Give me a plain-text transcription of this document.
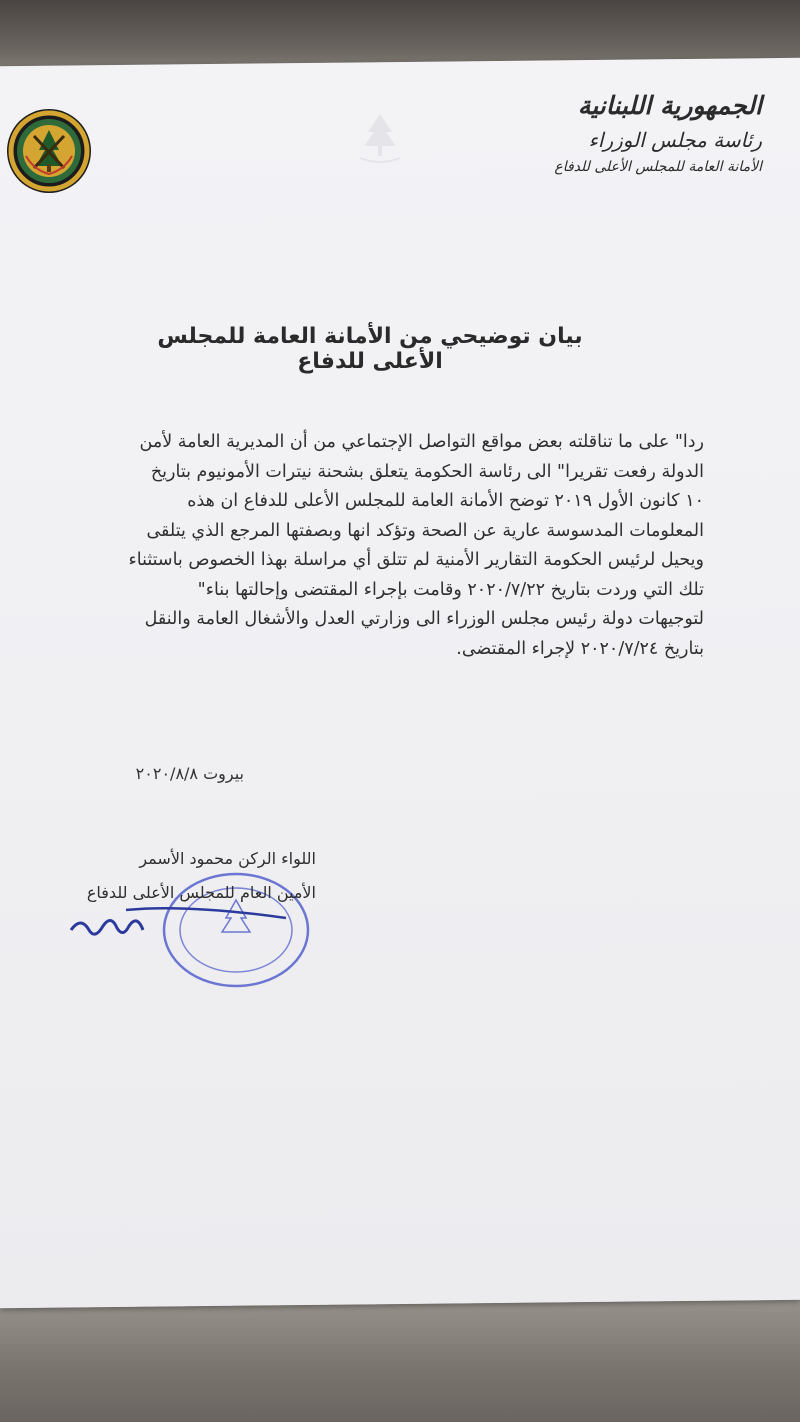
الجمهورية اللبنانية
رئاسة مجلس الوزراء
الأمانة العامة للمجلس الأعلى للدفاع
بيان توضيحي من الأمانة العامة للمجلس الأعلى للدفاع
ردا" على ما تناقلته بعض مواقع التواصل الإجتماعي من أن المديرية العامة لأمن
الدولة رفعت تقريرا" الى رئاسة الحكومة يتعلق بشحنة نيترات الأمونيوم بتاريخ
١٠ كانون الأول ٢٠١٩ توضح الأمانة العامة للمجلس الأعلى للدفاع ان هذه
المعلومات المدسوسة عارية عن الصحة وتؤكد انها وبصفتها المرجع الذي يتلقى
ويحيل لرئيس الحكومة التقارير الأمنية لم تتلق أي مراسلة بهذا الخصوص باستثناء
تلك التي وردت بتاريخ ٢٠٢٠/٧/٢٢ وقامت بإجراء المقتضى وإحالتها بناء"
لتوجيهات دولة رئيس مجلس الوزراء الى وزارتي العدل والأشغال العامة والنقل
بتاريخ ٢٠٢٠/٧/٢٤ لإجراء المقتضى.
بيروت ٢٠٢٠/٨/٨
اللواء الركن محمود الأسمر
الأمين العام للمجلس الأعلى للدفاع
